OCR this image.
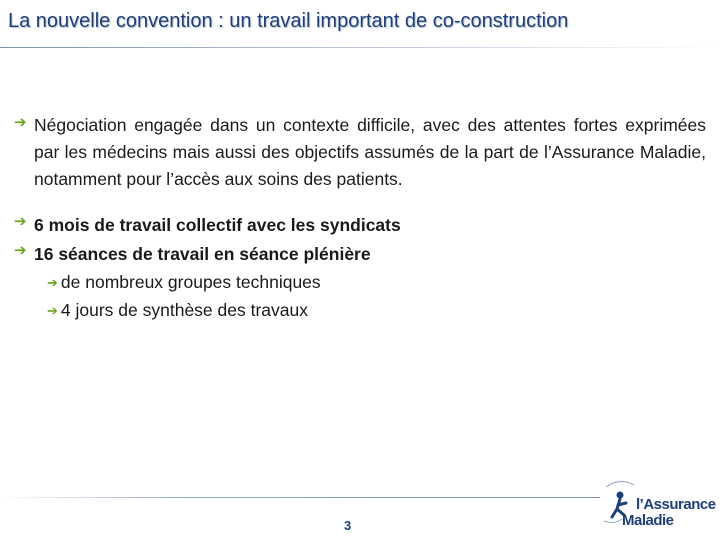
La nouvelle convention : un travail important de co-construction
➔ Négociation engagée dans un contexte difficile, avec des attentes fortes exprimées par les médecins mais aussi des objectifs assumés de la part de l’Assurance Maladie, notamment pour l’accès aux soins des patients.
➔ 6 mois de travail collectif avec les syndicats
➔ 16 séances de travail en séance plénière
➔ de nombreux groupes techniques
➔ 4 jours de synthèse des travaux
3
l’Assurance
Maladie
